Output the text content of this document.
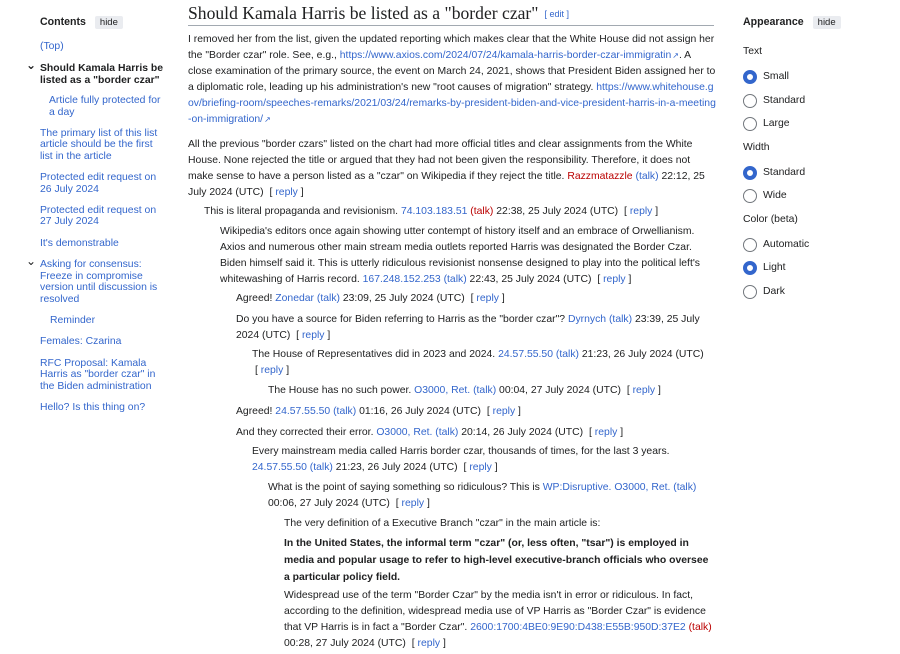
Contents hide
(Top)
⌄ Should Kamala Harris be listed as a "border czar"
Article fully protected for a day
The primary list of this list article should be the first list in the article
Protected edit request on 26 July 2024
Protected edit request on 27 July 2024
It's demonstrable
⌄ Asking for consensus: Freeze in compromise version until discussion is resolved
Reminder
Females: Czarina
RFC Proposal: Kamala Harris as "border czar" in the Biden administration
Hello? Is this thing on?
Should Kamala Harris be listed as a "border czar" [ edit ]

I removed her from the list, given the updated reporting which makes clear that the White House did not assign her the "Border czar" role. See, e.g., https://www.axios.com/2024/07/24/kamala-harris-border-czar-immigratin ↗ . A close examination of the primary source, the event on March 24, 2021, shows that President Biden assigned her to a diplomatic role, leading up his administration's new "root causes of migration" strategy. https://www.whitehouse.gov/briefing-room/speeches-remarks/2021/03/24/remarks-by-president-biden-and-vice-president-harris-in-a-meeting-on-immigration/ ↗

All the previous "border czars" listed on the chart had more official titles and clear assignments from the White House. None rejected the title or argued that they had not been given the responsibility. Therefore, it does not make sense to have a person listed as a "czar" on Wikipedia if they reject the title. Razzmatazzle (talk) 22:12, 25 July 2024 (UTC) [ reply ]

This is literal propaganda and revisionism. 74.103.183.51 (talk) 22:38, 25 July 2024 (UTC) [ reply ]

Wikipedia's editors once again showing utter contempt of history itself and an embrace of Orwellianism. Axios and numerous other main stream media outlets reported Harris was designated the Border Czar. Biden himself said it. This is utterly ridiculous revisionist nonsense designed to play into the political left's whitewashing of Harris record. 167.248.152.253 (talk) 22:43, 25 July 2024 (UTC) [ reply ]

Agreed! Zonedar (talk) 23:09, 25 July 2024 (UTC) [ reply ]

Do you have a source for Biden referring to Harris as the "border czar"? Dyrnych (talk) 23:39, 25 July 2024 (UTC) [ reply ]

The House of Representatives did in 2023 and 2024. 24.57.55.50 (talk) 21:23, 26 July 2024 (UTC) [ reply ]

The House has no such power. O3000, Ret. (talk) 00:04, 27 July 2024 (UTC) [ reply ]

Agreed! 24.57.55.50 (talk) 01:16, 26 July 2024 (UTC) [ reply ]

And they corrected their error. O3000, Ret. (talk) 20:14, 26 July 2024 (UTC) [ reply ]

Every mainstream media called Harris border czar, thousands of times, for the last 3 years. 24.57.55.50 (talk) 21:23, 26 July 2024 (UTC) [ reply ]

What is the point of saying something so ridiculous? This is WP:Disruptive. O3000, Ret. (talk) 00:06, 27 July 2024 (UTC) [ reply ]

The very definition of a Executive Branch "czar" in the main article is:

In the United States, the informal term "czar" (or, less often, "tsar") is employed in media and popular usage to refer to high-level executive-branch officials who oversee a particular policy field.

Widespread use of the term "Border Czar" by the media isn't in error or ridiculous. In fact, according to the definition, widespread media use of VP Harris as "Border Czar" is evidence that VP Harris is in fact a "Border Czar". 2600:1700:4BE0:9E90:D438:E55B:950D:37E2 (talk) 00:28, 27 July 2024 (UTC) [ reply ]

Appearance hide
Text
Small
Standard
Large
Width
Standard
Wide
Color (beta)
Automatic
Light
Dark
